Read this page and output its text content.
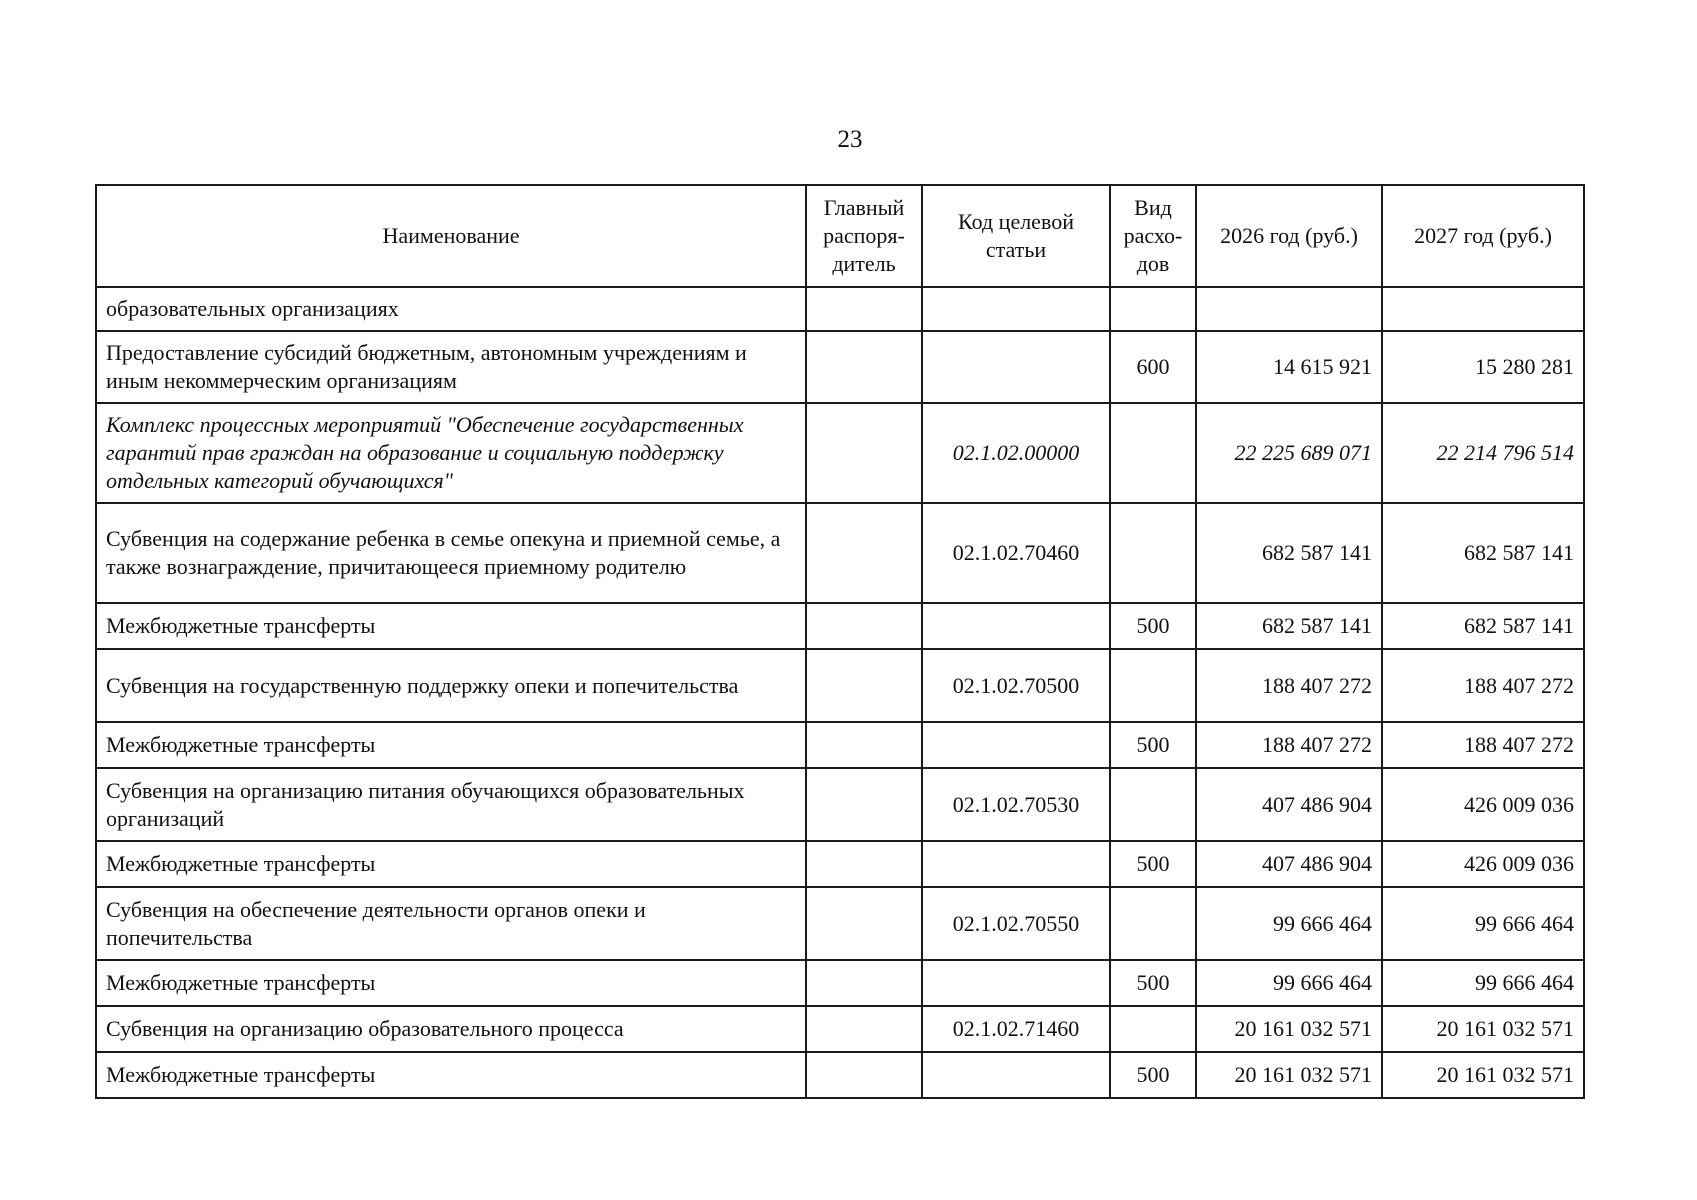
23
Наименование	Главный распоря-дитель	Код целевой статьи	Вид расхо-дов	2026 год (руб.)	2027 год (руб.)
образовательных организациях					
Предоставление субсидий бюджетным, автономным учреждениям и иным некоммерческим организациям			600	14 615 921	15 280 281
Комплекс процессных мероприятий "Обеспечение государственных гарантий прав граждан на образование и социальную поддержку отдельных категорий обучающихся"		02.1.02.00000		22 225 689 071	22 214 796 514
Субвенция на содержание ребенка в семье опекуна и приемной семье, а также вознаграждение, причитающееся приемному родителю		02.1.02.70460		682 587 141	682 587 141
Межбюджетные трансферты			500	682 587 141	682 587 141
Субвенция на государственную поддержку опеки и попечительства		02.1.02.70500		188 407 272	188 407 272
Межбюджетные трансферты			500	188 407 272	188 407 272
Субвенция на организацию питания обучающихся образовательных организаций		02.1.02.70530		407 486 904	426 009 036
Межбюджетные трансферты			500	407 486 904	426 009 036
Субвенция на обеспечение деятельности органов опеки и попечительства		02.1.02.70550		99 666 464	99 666 464
Межбюджетные трансферты			500	99 666 464	99 666 464
Субвенция на организацию образовательного процесса		02.1.02.71460		20 161 032 571	20 161 032 571
Межбюджетные трансферты			500	20 161 032 571	20 161 032 571
